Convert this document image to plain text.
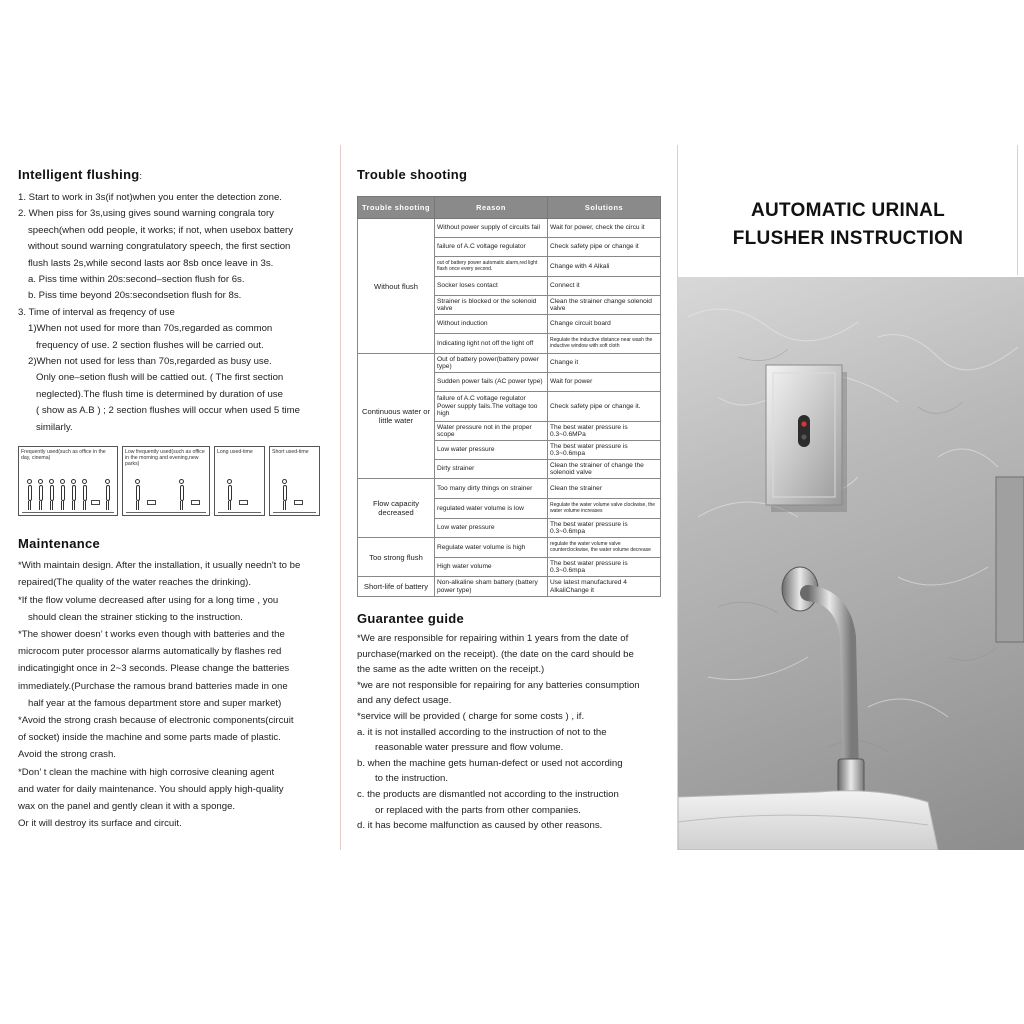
Intelligent flushing:

1. Start to work in 3s(if not)when you enter the detection zone.

2. When piss for 3s,using gives sound warning congrala tory

speech(when odd people, it works; if not, when usebox battery

without sound warning congratulatory speech, the first section

flush lasts 2s,while second lasts aor 8sb once leave in 3s.

a. Piss time within 20s:second–section flush for 6s.

b. Piss time beyond 20s:secondsetion flush for 8s.

3. Time of interval as freqency of use

1)When not used for more than 70s,regarded as common

frequency of use. 2 section flushes will be carried out.

2)When not used for less than 70s,regarded as busy use.

Only one–setion flush will be cattied out. ( The first section

neglected).The flush time is determined by duration of use

( show as A.B ) ; 2 section flushes will occur when used 5 time

similarly.

Frequently used(such as office in the day, cinema)
Low frequently used(such as office in the morning and evening,new parks)
Long used-time	Short used-time
Maintenance

*With maintain design. After the installation, it usually needn't to be

repaired(The quality of the water reaches the drinking).

*If the flow volume decreased after using for a long time , you

should clean the strainer sticking to the instruction.

*The shower doesn’ t works even though with batteries and the

microcom puter processor alarms automatically by flashes red

indicatingight once in 2~3 seconds. Please change the batteries

immediately.(Purchase the ramous brand batteries made in one

half year at the famous department store and super market)

*Avoid the strong crash because of electronic components(circuit

of socket) inside the machine and some parts made of plastic.

Avoid the strong crash.

*Don’ t clean the machine with high corrosive cleaning agent

and water for daily maintenance. You should apply high-quality

wax on the panel and gently clean it with a sponge.

Or it will destroy its surface and circuit.

Trouble shooting
Trouble shooting	Reason	Solutions
Without flush	Without power supply of circuits fail	Wait for power, check the circu it
	failure of A.C voltage regulator	Check safety pipe or change it
	out of battery power automatic alarm,red light flash once every second.	Change with 4 Alkali
	Socker loses contact	Connect it
	Strainer is blocked or the solenoid valve	Clean the strainer change solenoid valve
	Without induction	Change circuit board
	Indicating light not off the light off	Regulate the inductive distance near wash the inductive window with soft cloth
Continuous water or little water	Out of battery power(battery power type)	Change it
	Sudden power fails (AC power type)	Wait for power
	failure of A.C voltage regulator Power supply fails.The voltage too high	Check safety pipe or change it.
	Water pressure not in the proper scope	The best water pressure is 0.3~0.6MPa
	Low water pressure	The best water pressure is 0.3~0.6mpa
	Dirty strainer	Clean the strainer of change the solenoid valve
Flow capacity decreased	Too many dirty things on strainer	Clean the strainer
	regulated water volume is low	Regulate the water volume valve clockwise, the water volume increases
	Low water pressure	The best water pressure is 0.3~0.6mpa
Too strong flush	Regulate water volume is high	regulate the water volume valve counterclockwise, the water volume decrease
	High water volume	The best water pressure is 0.3~0.6mpa
Short-life of battery	Non-alkaline sham battery (battery power type)	Use latest manufactured 4 AlkaliChange it
Guarantee guide

*We are responsible for repairing within 1 years from the date of

purchase(marked on the receipt). (the date on the card should be

the same as the adte written on the receipt.)

*we are not responsible for repairing for any batteries consumption

and any defect usage.

*service will be provided ( charge for some costs ) , if.

a. it is not installed according to the instruction of not to the

reasonable water pressure and flow volume.

b. when the machine gets human-defect or used not according

to the instruction.

c. the products are dismantled not according to the instruction

or replaced with the parts from other companies.

d. it has become malfunction as caused by other reasons.

AUTOMATIC URINAL
FLUSHER INSTRUCTION
